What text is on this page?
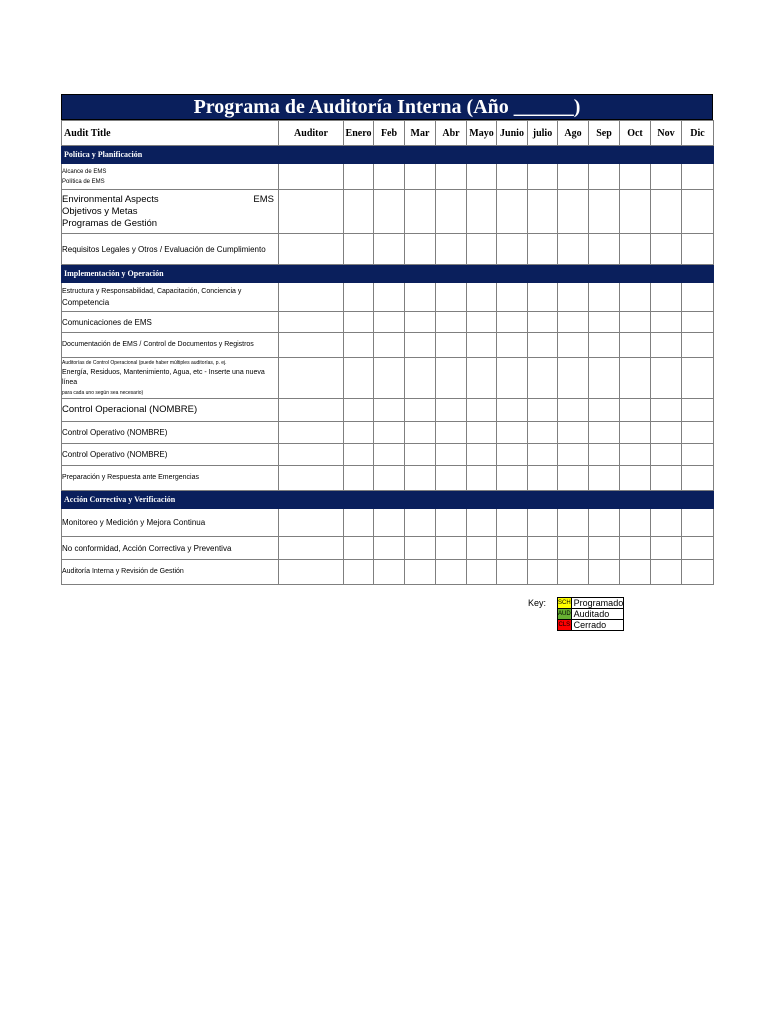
Programa de Auditoría Interna (Año ______)
Audit Title	Auditor	Enero	Feb	Mar	Abr	Mayo	Junio	julio	Ago	Sep	Oct	Nov	Dic
Política y Planificación													

Alcance de EMS
Política de EMS													

Environmental Aspects EMS
Objetivos y Metas
Programas de Gestión													

Requisitos Legales y Otros / Evaluación de Cumplimiento													

Implementación y Operación													

Estructura y Responsabilidad, Capacitación, Conciencia y
Competencia													

Comunicaciones de EMS													

Documentación de EMS / Control de Documentos y Registros													

Auditorías de Control Operacional (puede haber múltiples auditorías, p. ej.
Energía, Residuos, Mantenimiento, Agua, etc - Inserte una nueva línea
para cada uno según sea necesario)													

Control Operacional (NOMBRE)													

Control Operativo (NOMBRE)													

Control Operativo (NOMBRE)													

Preparación y Respuesta ante Emergencias													

Acción Correctiva y Verificación													

Monitoreo y Medición y Mejora Continua													

No conformidad, Acción Correctiva y Preventiva													

Auditoría Interna y Revisión de Gestión													

Key: SCH	Programado
AUD	Auditado
CLS	Cerrado
